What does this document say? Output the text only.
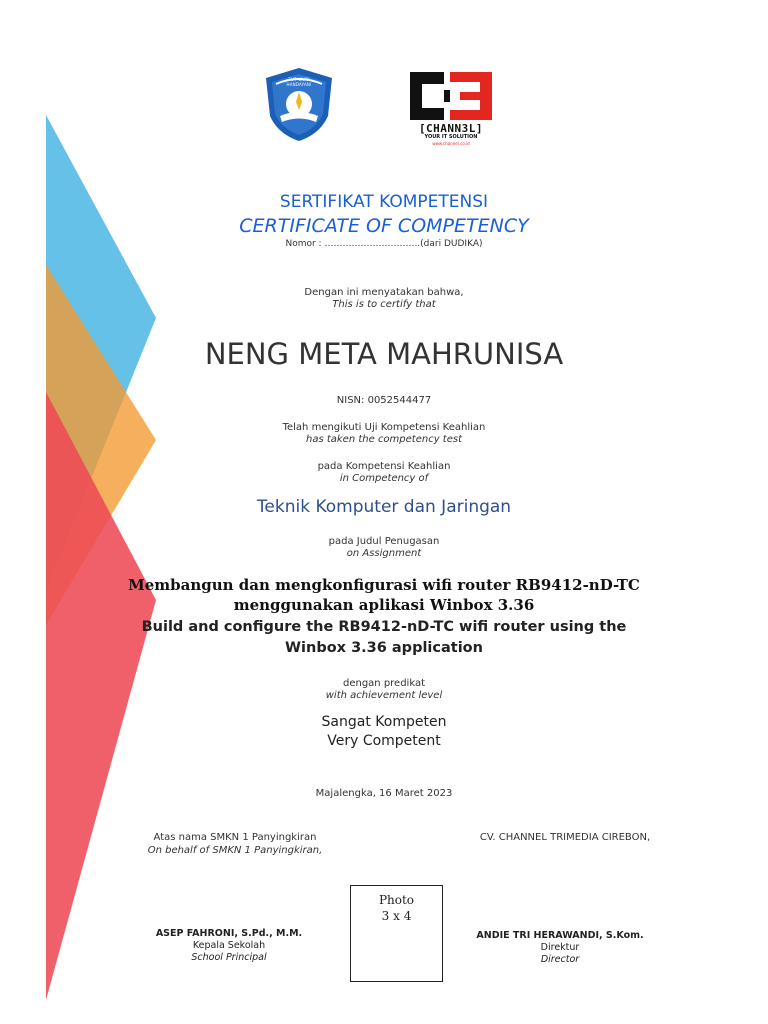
TUT WURI HANDAYANI
[CHANN3L]
YOUR IT SOLUTION
www.channel.co.id
SERTIFIKAT KOMPETENSI
CERTIFICATE OF COMPETENCY
Nomor : …………………………..(dari DUDIKA)
Dengan ini menyatakan bahwa,
This is to certify that
NENG META MAHRUNISA
NISN: 0052544477
Telah mengikuti Uji Kompetensi Keahlian
has taken the competency test
pada Kompetensi Keahlian
in Competency of
Teknik Komputer dan Jaringan
pada Judul Penugasan
on Assignment
Membangun dan mengkonfigurasi wifi router RB9412-nD-TC
menggunakan aplikasi Winbox 3.36
Build and configure the RB9412-nD-TC wifi router using the
Winbox 3.36 application
dengan predikat
with achievement level
Sangat Kompeten
Very Competent
Majalengka, 16 Maret 2023
Atas nama SMKN 1 Panyingkiran
On behalf of SMKN 1 Panyingkiran,
ASEP FAHRONI, S.Pd., M.M.
Kepala Sekolah
School Principal
Photo
3 x 4
CV. CHANNEL TRIMEDIA CIREBON,
ANDIE TRI HERAWANDI, S.Kom.
Direktur
Director
